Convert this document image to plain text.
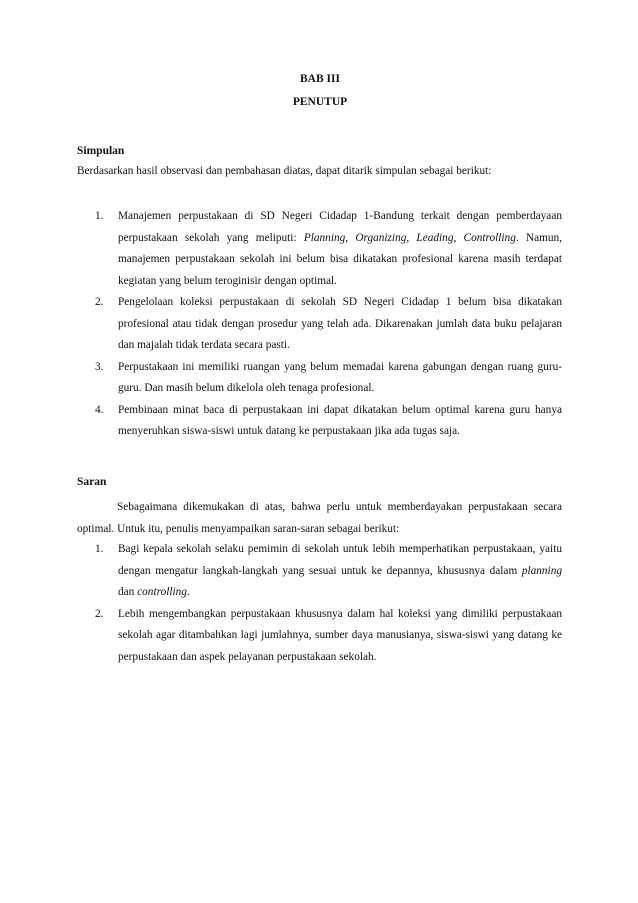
BAB III
PENUTUP
Simpulan
Berdasarkan hasil observasi dan pembahasan diatas, dapat ditarik simpulan sebagai berikut:
1. Manajemen perpustakaan di SD Negeri Cidadap 1-Bandung terkait dengan pemberdayaan perpustakaan sekolah yang meliputi: Planning, Organizing, Leading, Controlling. Namun, manajemen perpustakaan sekolah ini belum bisa dikatakan profesional karena masih terdapat kegiatan yang belum teroginisir dengan optimal.
2. Pengelolaan koleksi perpustakaan di sekolah SD Negeri Cidadap 1 belum bisa dikatakan profesional atau tidak dengan prosedur yang telah ada. Dikarenakan jumlah data buku pelajaran dan majalah tidak terdata secara pasti.
3. Perpustakaan ini memiliki ruangan yang belum memadai karena gabungan dengan ruang guru-guru. Dan masih belum dikelola oleh tenaga profesional.
4. Pembinaan minat baca di perpustakaan ini dapat dikatakan belum optimal karena guru hanya menyeruhkan siswa-siswi untuk datang ke perpustakaan jika ada tugas saja.
Saran
Sebagaimana dikemukakan di atas, bahwa perlu untuk memberdayakan perpustakaan secara optimal. Untuk itu, penulis menyampaikan saran-saran sebagai berikut:
1. Bagi kepala sekolah selaku pemimin di sekolah untuk lebih memperhatikan perpustakaan, yaitu dengan mengatur langkah-langkah yang sesuai untuk ke depannya, khususnya dalam planning dan controlling.
2. Lebih mengembangkan perpustakaan khususnya dalam hal koleksi yang dimiliki perpustakaan sekolah agar ditambahkan lagi jumlahnya, sumber daya manusianya, siswa-siswi yang datang ke perpustakaan dan aspek pelayanan perpustakaan sekolah.
